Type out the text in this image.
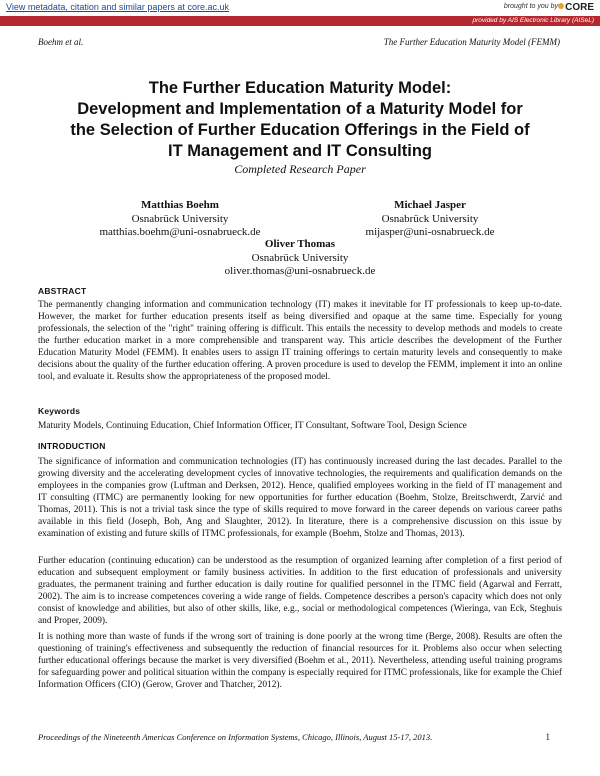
View metadata, citation and similar papers at core.ac.uk	brought to you by CORE
provided by AIS Electronic Library (AISeL)
Boehm et al.	The Further Education Maturity Model (FEMM)
The Further Education Maturity Model:
Development and Implementation of a Maturity Model for
the Selection of Further Education Offerings in the Field of
IT Management and IT Consulting
Completed Research Paper
Matthias Boehm
Osnabrück University
matthias.boehm@uni-osnabrueck.de
Michael Jasper
Osnabrück University
mijasper@uni-osnabrueck.de
Oliver Thomas
Osnabrück University
oliver.thomas@uni-osnabrueck.de
ABSTRACT

The permanently changing information and communication technology (IT) makes it inevitable for IT professionals to keep up-to-date. However, the market for further education presents itself as being diversified and opaque at the same time. Especially for young professionals, the selection of the "right" training offering is difficult. This entails the necessity to develop methods and models to create the further education market in a more comprehensible and transparent way. This article describes the development of the Further Education Maturity Model (FEMM). It enables users to assign IT training offerings to certain maturity levels and consequently to make decisions about the quality of the further education offering. A proven procedure is used to develop the FEMM, implement it into an online tool, and evaluate it. Results show the appropriateness of the proposed model.

Keywords

Maturity Models, Continuing Education, Chief Information Officer, IT Consultant, Software Tool, Design Science

INTRODUCTION

The significance of information and communication technologies (IT) has continuously increased during the last decades. Parallel to the growing diversity and the accelerating development cycles of innovative technologies, the requirements and qualification demands on the employees in the companies grow (Luftman and Derksen, 2012). Hence, qualified employees working in the field of IT management and IT consulting (ITMC) are permanently looking for new opportunities for further education (Boehm, Stolze, Breitschwerdt, Zarvić and Thomas, 2011). This is not a trivial task since the type of skills required to move forward in the career depends on various career paths available in this field (Joseph, Boh, Ang and Slaughter, 2012). In literature, there is a comprehensive discussion on this issue by examination of existing and future skills of ITMC professionals, for example (Boehm, Stolze and Thomas, 2013).

Further education (continuing education) can be understood as the resumption of organized learning after completion of a first period of education and subsequent employment or family business activities. In addition to the first education of professionals and university graduates, the permanent training and further education is daily routine for qualified personnel in the ITMC field (Agarwal and Ferratt, 2002). The aim is to increase competences covering a wide range of fields. Competence describes a person's capacity which does not only consist of knowledge and abilities, but also of other skills, like, e.g., social or methodological competences (Wieringa, van Eck, Steghuis and Proper, 2009).

It is nothing more than waste of funds if the wrong sort of training is done poorly at the wrong time (Berge, 2008). Results are often the questioning of training's effectiveness and subsequently the reduction of financial resources for it. Problems also occur when selecting further educational offerings because the market is very diversified (Boehm et al., 2011). Nevertheless, attending useful training programs for safeguarding power and political situation within the company is especially required for ITMC professionals, like for example the Chief Information Officers (CIO) (Gerow, Grover and Thatcher, 2012).

Proceedings of the Nineteenth Americas Conference on Information Systems, Chicago, Illinois, August 15-17, 2013.	1
